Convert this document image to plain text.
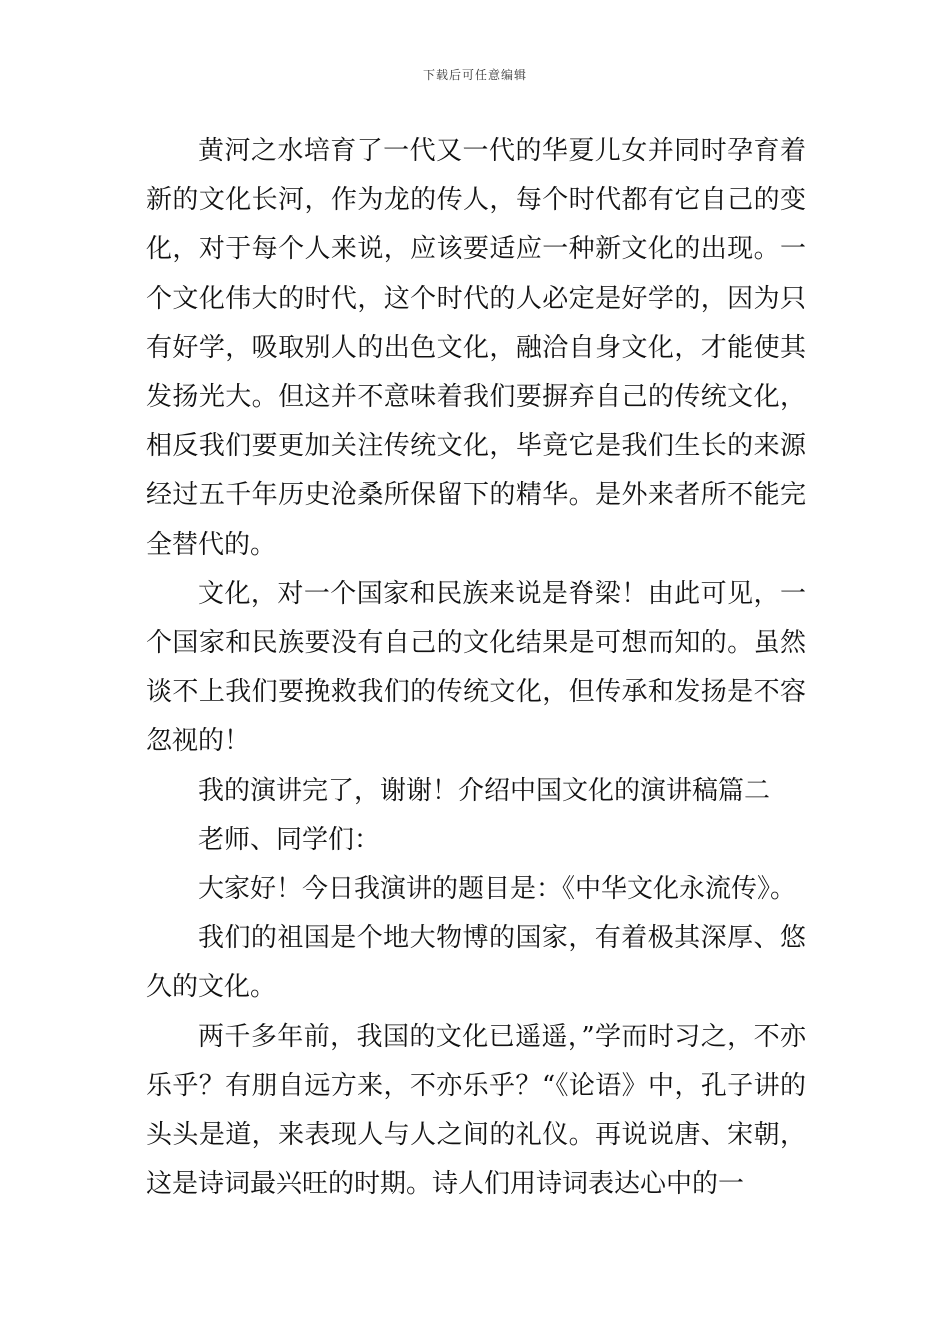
下载后可任意编辑

黄河之水培育了一代又一代的华夏儿女并同时孕育着新的文化长河，作为龙的传人，每个时代都有它自己的变化，对于每个人来说，应该要适应一种新文化的出现。一个文化伟大的时代，这个时代的人必定是好学的，因为只有好学，吸取别人的出色文化，融洽自身文化，才能使其发扬光大。但这并不意味着我们要摒弃自己的传统文化，相反我们要更加关注传统文化，毕竟它是我们生长的来源经过五千年历史沧桑所保留下的精华。是外来者所不能完全替代的。

文化，对一个国家和民族来说是脊梁！由此可见，一个国家和民族要没有自己的文化结果是可想而知的。虽然谈不上我们要挽救我们的传统文化，但传承和发扬是不容忽视的！

我的演讲完了，谢谢！介绍中国文化的演讲稿篇二

老师、同学们：

大家好！今日我演讲的题目是：《中华文化永流传》。

我们的祖国是个地大物博的国家，有着极其深厚、悠久的文化。

两千多年前，我国的文化已遥遥，”学而时习之，不亦乐乎？有朋自远方来，不亦乐乎？“《论语》中，孔子讲的头头是道，来表现人与人之间的礼仪。再说说唐、宋朝，这是诗词最兴旺的时期。诗人们用诗词表达心中的一
